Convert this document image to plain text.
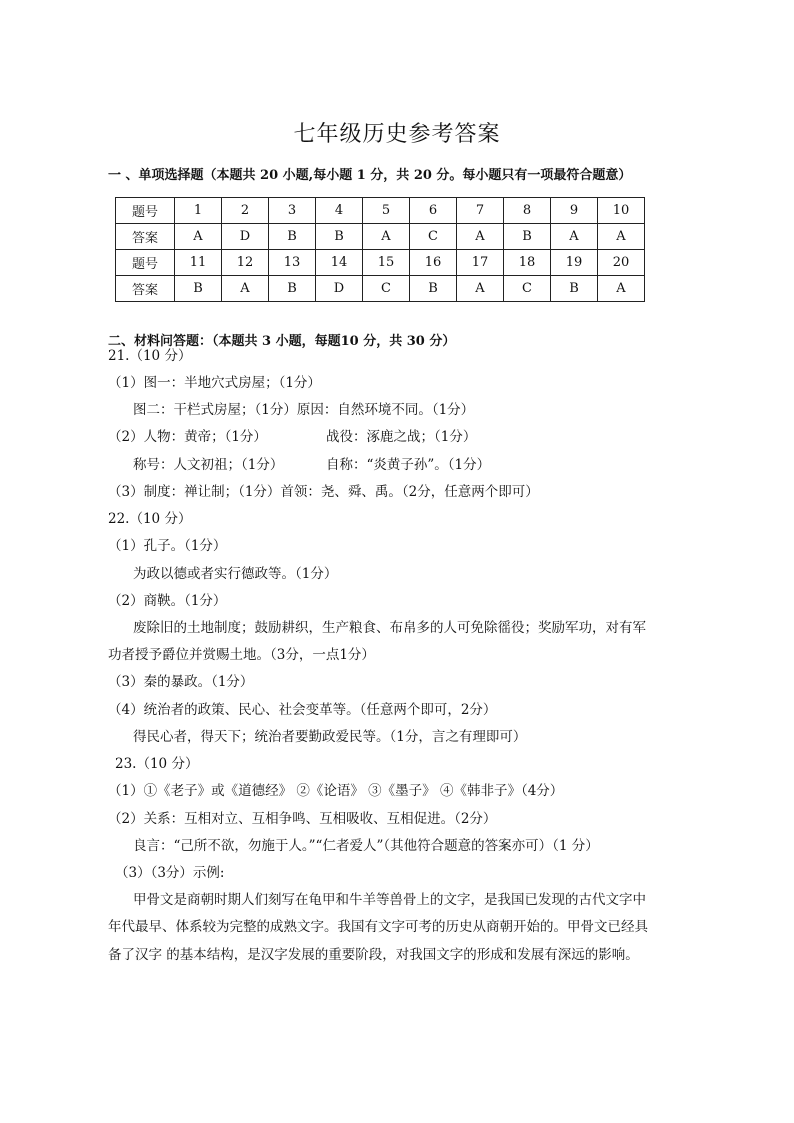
七年级历史参考答案
一 、单项选择题（本题共 20 小题,每小题 1 分，共 20 分。每小题只有一项最符合题意）
题号	1	2	3	4	5	6	7	8	9	10
答案	A	D	B	B	A	C	A	B	A	A
题号	11	12	13	14	15	16	17	18	19	20
答案	B	A	B	D	C	B	A	C	B	A
二、材料问答题：（本题共 3 小题，每题10 分，共 30 分）
21.（10 分）
（1）图一：半地穴式房屋；（1分）
图二：干栏式房屋；（1分）原因：自然环境不同。（1分）
（2）人物：黄帝；（1分）	战役：涿鹿之战；（1分）
称号：人文初祖；（1分）	自称：“炎黄子孙”。（1分）
（3）制度：禅让制；（1分）首领：尧、舜、禹。（2分，任意两个即可）
22.（10 分）
（1）孔子。（1分）
为政以德或者实行德政等。（1分）
（2）商鞅。（1分）
废除旧的土地制度；鼓励耕织，生产粮食、布帛多的人可免除徭役；奖励军功，对有军
功者授予爵位并赏赐土地。（3分，一点1分）
（3）秦的暴政。（1分）
（4）统治者的政策、民心、社会变革等。（任意两个即可，2分）
得民心者，得天下；统治者要勤政爱民等。（1分，言之有理即可）
23.（10 分）
（1）①《老子》或《道德经》 ②《论语》 ③《墨子》 ④《韩非子》（4分）
（2）关系：互相对立、互相争鸣、互相吸收、互相促进。（2分）
良言：“己所不欲，勿施于人。”“仁者爱人”（其他符合题意的答案亦可）（1 分）
（3）（3分）示例:
甲骨文是商朝时期人们刻写在龟甲和牛羊等兽骨上的文字，是我国已发现的古代文字中
年代最早、体系较为完整的成熟文字。我国有文字可考的历史从商朝开始的。甲骨文已经具
备了汉字 的基本结构，是汉字发展的重要阶段，对我国文字的形成和发展有深远的影响。
